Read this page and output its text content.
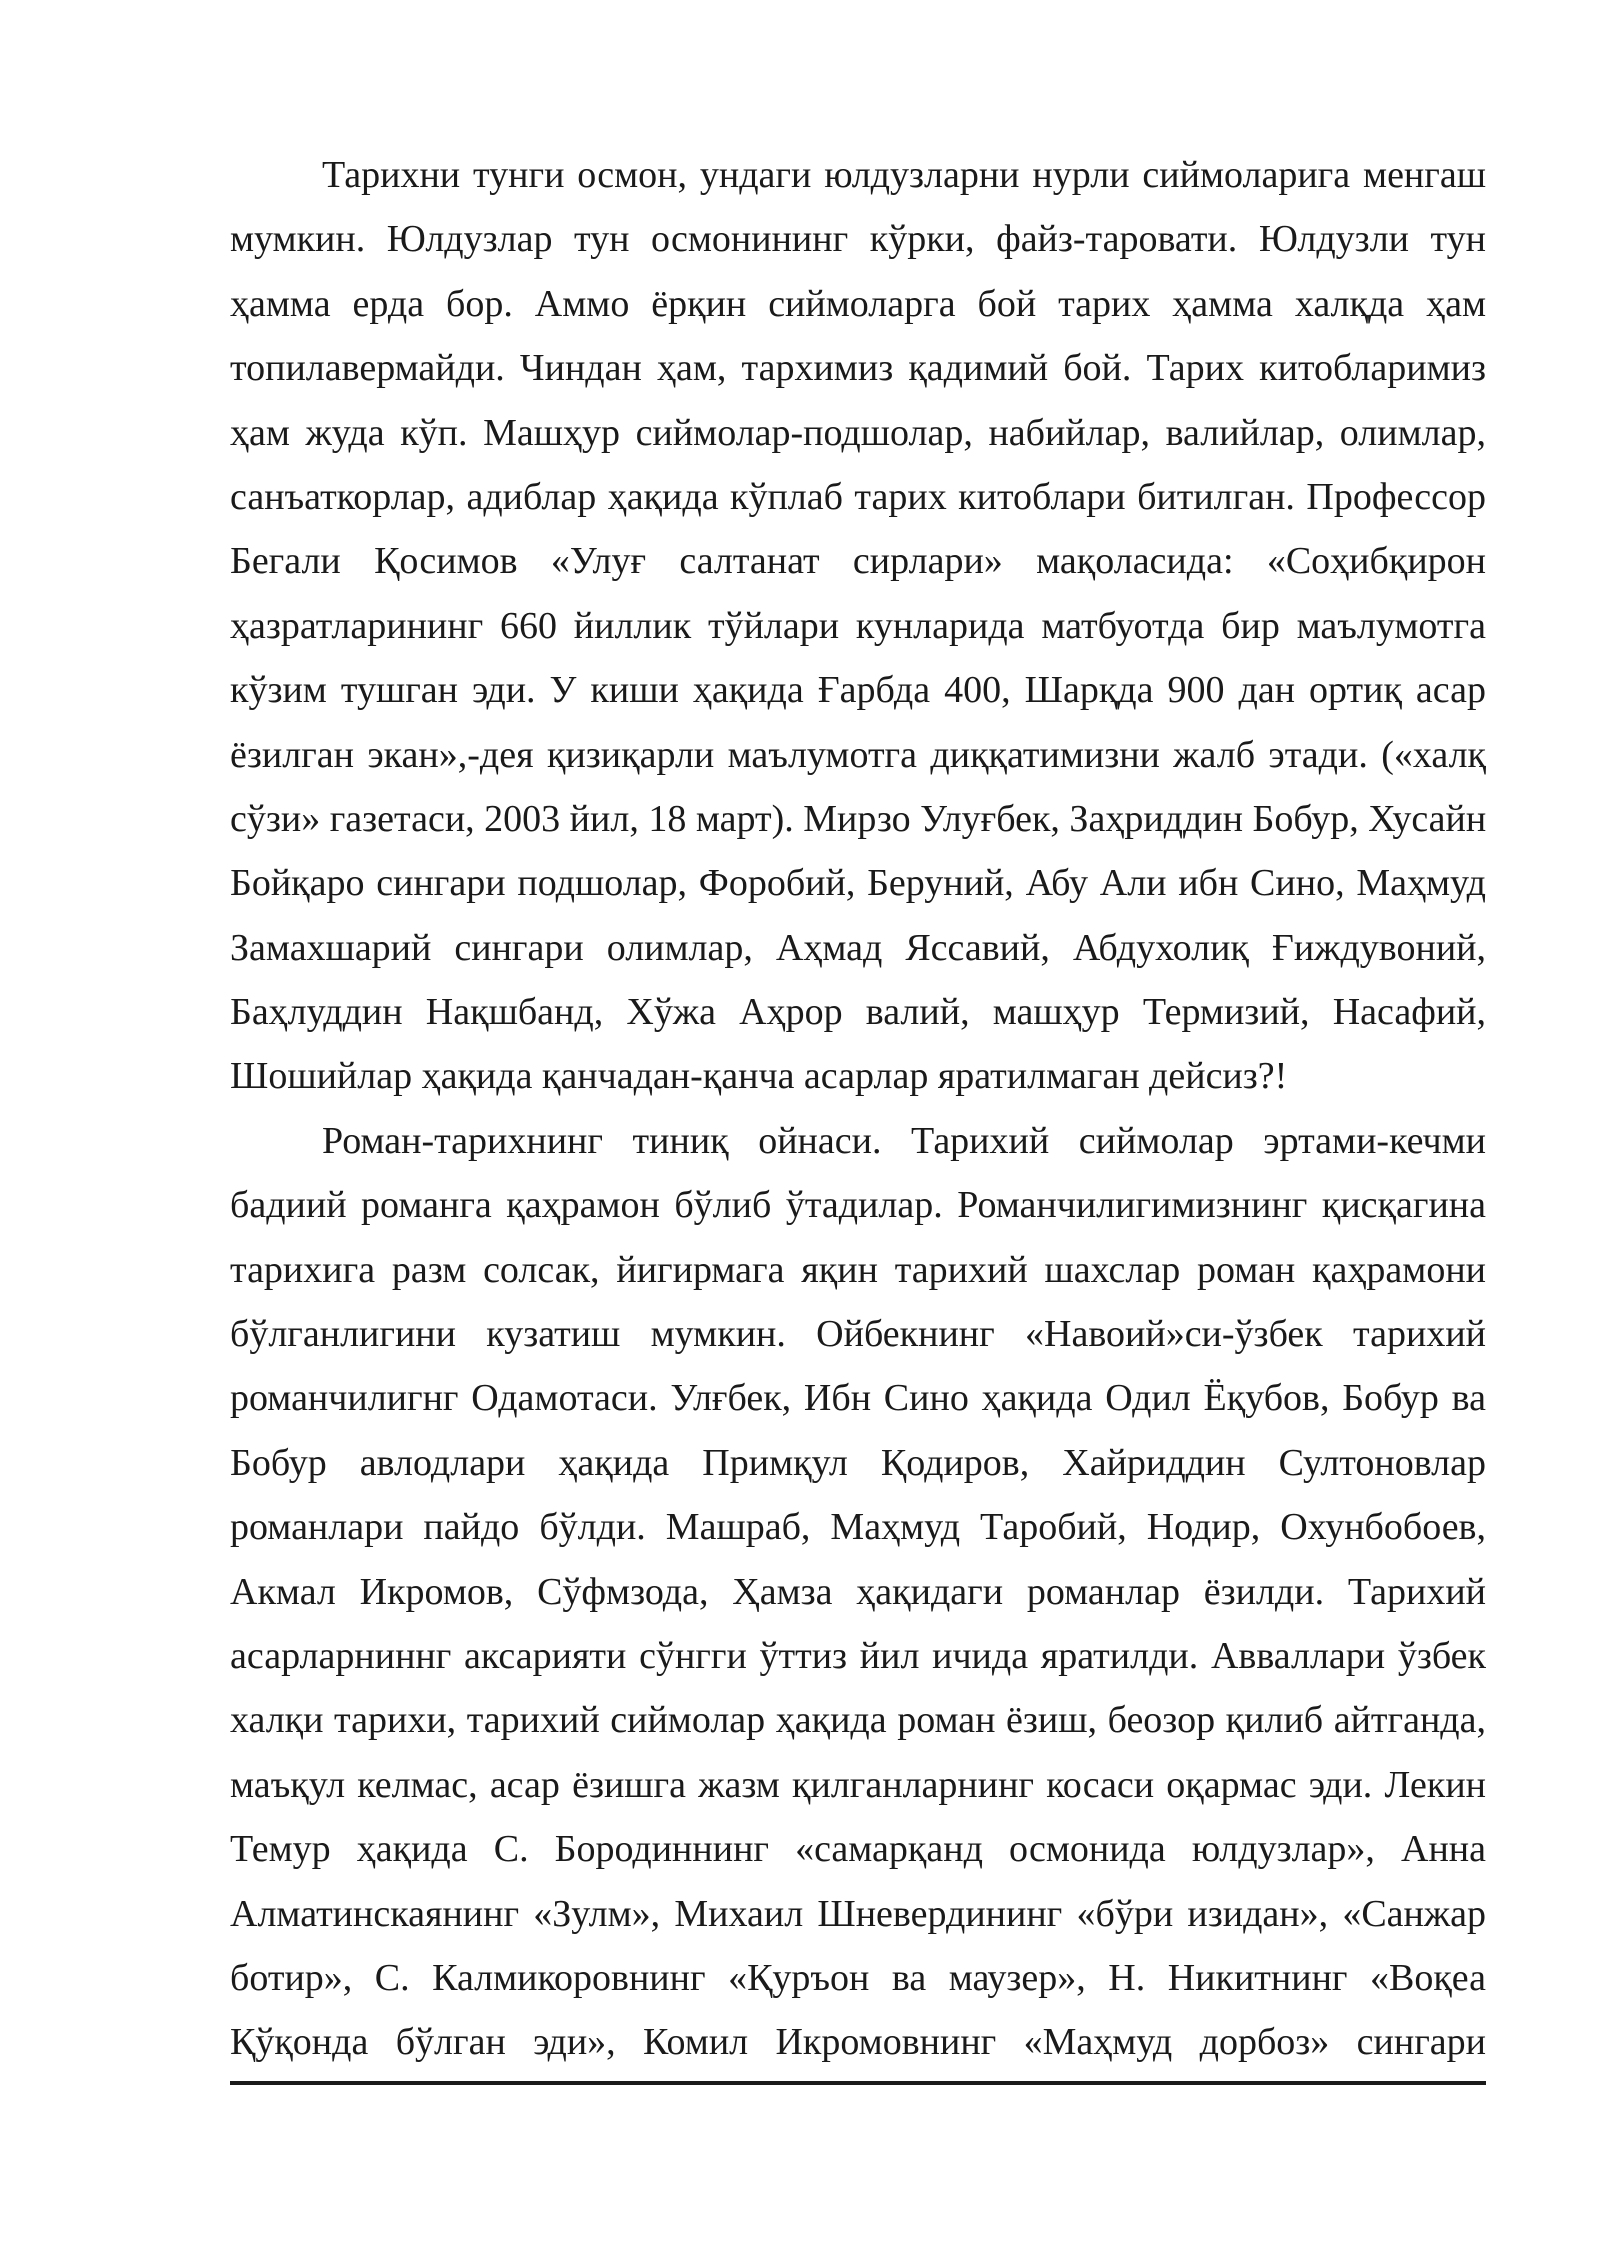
Тарихни тунги осмон, ундаги юлдузларни нурли сиймоларига менгаш
мумкин. Юлдузлар тун осмонининг кўрки, файз-таровати. Юлдузли тун
ҳамма ерда бор. Аммо ёрқин сиймоларга бой тарих ҳамма халқда ҳам
топилавермайди. Чиндан ҳам, тархимиз қадимий бой. Тарих китобларимиз
ҳам жуда кўп. Машҳур сиймолар-подшолар, набийлар, валийлар, олимлар,
санъаткорлар, адиблар ҳақида кўплаб тарих китоблари битилган. Профессор
Бегали Қосимов «Улуғ салтанат сирлари» мақоласида: «Соҳибқирон
ҳазратларининг 660 йиллик тўйлари кунларида матбуотда бир маълумотга
кўзим тушган эди. У киши ҳақида Ғарбда 400, Шарқда 900 дан ортиқ асар
ёзилган экан»,-дея қизиқарли маълумотга диққатимизни жалб этади. («халқ
сўзи» газетаси, 2003 йил, 18 март). Мирзо Улуғбек, Заҳриддин Бобур, Хусайн
Бойқаро сингари подшолар, Форобий, Беруний, Абу Али ибн Сино, Маҳмуд
Замахшарий сингари олимлар, Аҳмад Яссавий, Абдухолиқ Ғиждувоний,
Баҳлуддин Нақшбанд, Хўжа Аҳрор валий, машҳур Термизий, Насафий,
Шошийлар ҳақида қанчадан-қанча асарлар яратилмаган дейсиз?!
Роман-тарихнинг тиниқ ойнаси. Тарихий сиймолар эртами-кечми
бадиий романга қаҳрамон бўлиб ўтадилар. Романчилигимизнинг қисқагина
тарихига разм солсак, йигирмага яқин тарихий шахслар роман қаҳрамони
бўлганлигини кузатиш мумкин. Ойбекнинг «Навоий»си-ўзбек тарихий
романчилигнг Одамотаси. Улғбек, Ибн Сино ҳақида Одил Ёқубов, Бобур ва
Бобур авлодлари ҳақида Примқул Қодиров, Хайриддин Султоновлар
романлари пайдо бўлди. Машраб, Маҳмуд Таробий, Нодир, Охунбобоев,
Акмал Икромов, Сўфмзода, Ҳамза ҳақидаги романлар ёзилди. Тарихий
асарларниннг аксарияти сўнгги ўттиз йил ичида яратилди. Авваллари ўзбек
халқи тарихи, тарихий сиймолар ҳақида роман ёзиш, беозор қилиб айтганда,
маъқул келмас, асар ёзишга жазм қилганларнинг косаси оқармас эди. Лекин
Темур ҳақида С. Бородиннинг «самарқанд осмонида юлдузлар», Анна
Алматинскаянинг «Зулм», Михаил Шневердининг «бўри изидан», «Санжар
ботир», С. Калмикоровнинг «Қуръон ва маузер», Н. Никитнинг «Воқеа
Қўқонда бўлган эди», Комил Икромовнинг «Маҳмуд дорбоз» сингари
